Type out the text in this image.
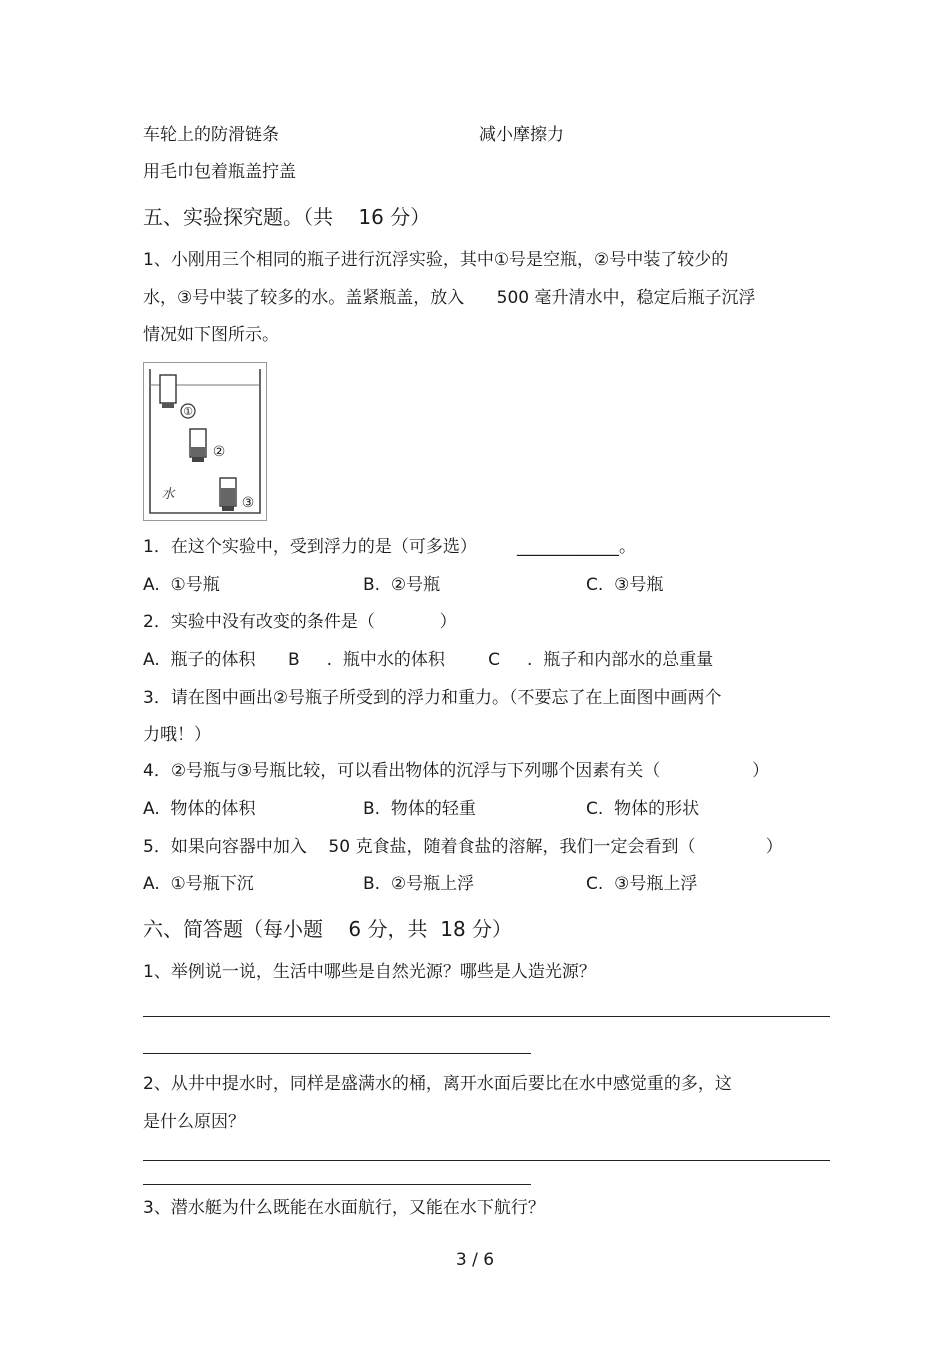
车轮上的防滑链条	减小摩擦力
用毛巾包着瓶盖拧盖
五、实验探究题。（共    16 分）
1、小刚用三个相同的瓶子进行沉浮实验，其中①号是空瓶，②号中装了较少的
水，③号中装了较多的水。盖紧瓶盖，放入      500 毫升清水中，稳定后瓶子沉浮
情况如下图所示。
①
②
③
水
1．在这个实验中，受到浮力的是（可多选） ____________。
A.  ①号瓶	B.  ②号瓶	C.  ③号瓶
2．实验中没有改变的条件是（            ）
A.  瓶子的体积      B     .  瓶中水的体积        C     .  瓶子和内部水的总重量
3．请在图中画出②号瓶子所受到的浮力和重力。（不要忘了在上面图中画两个
力哦！）
4．②号瓶与③号瓶比较，可以看出物体的沉浮与下列哪个因素有关（                 ）
A.  物体的体积	B.  物体的轻重	C.  物体的形状
5．如果向容器中加入    50 克食盐，随着食盐的溶解，我们一定会看到（             ）
A.  ①号瓶下沉	B.  ②号瓶上浮	C.  ③号瓶上浮
六、简答题（每小题    6 分，共  18 分）
1、举例说一说，生活中哪些是自然光源？哪些是人造光源？
2、从井中提水时，同样是盛满水的桶，离开水面后要比在水中感觉重的多，这
是什么原因？
3、潜水艇为什么既能在水面航行，又能在水下航行？
3 / 6
